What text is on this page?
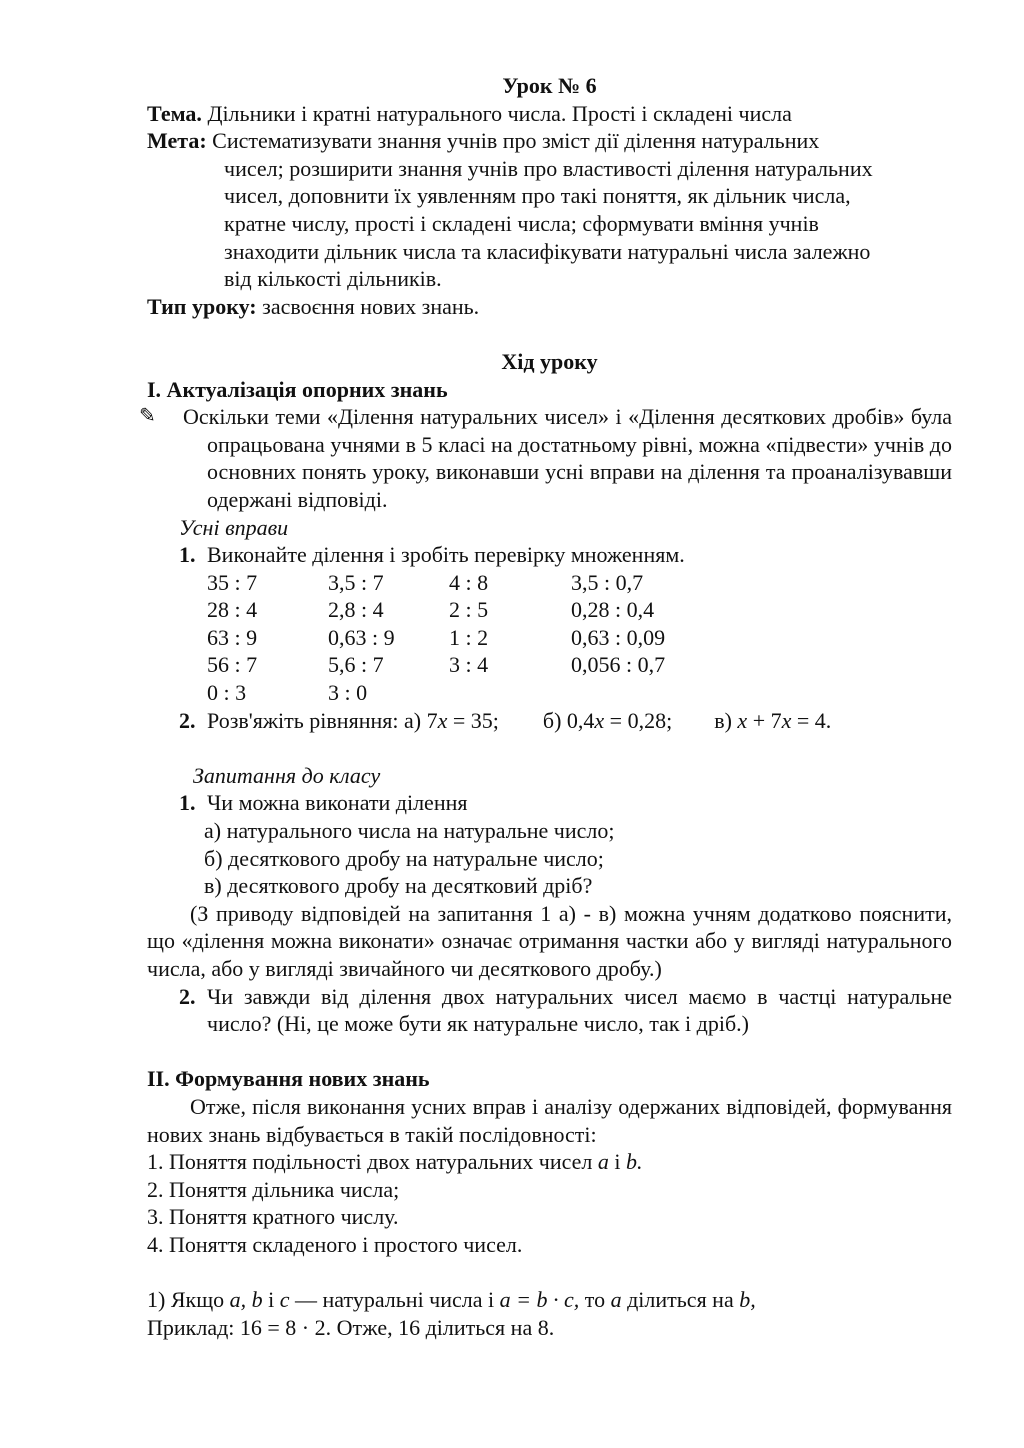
Урок № 6
Тема. Дільники і кратні натурального числа. Прості і складені числа
Мета: Систематизувати знання учнів про зміст дії ділення натуральних
чисел; розширити знання учнів про властивості ділення натуральних
чисел, доповнити їх уявленням про такі поняття, як дільник числа,
кратне числу, прості і складені числа; сформувати вміння учнів
знаходити дільник числа та класифікувати натуральні числа залежно
від кількості дільників.
Тип уроку: засвоєння нових знань.
Хід уроку
I. Актуалізація опорних знань
✎ Оскільки теми «Ділення натуральних чисел» і «Ділення десяткових дробів» була опрацьована учнями в 5 класі на достатньому рівні, можна «підвести» учнів до основних понять уроку, виконавши усні вправи на ділення та проаналізувавши одержані відповіді.
Усні вправи
1. Виконайте ділення і зробіть перевірку множенням.
35 : 7	3,5 : 7	4 : 8	3,5 : 0,7
28 : 4	2,8 : 4	2 : 5	0,28 : 0,4
63 : 9	0,63 : 9	1 : 2	0,63 : 0,09
56 : 7	5,6 : 7	3 : 4	0,056 : 0,7
0 : 3	3 : 0		
2. Розв'яжіть рівняння: а) 7x = 35; б) 0,4x = 0,28; в) x + 7x = 4.
Запитання до класу
1. Чи можна виконати ділення
а) натурального числа на натуральне число;
б) десяткового дробу на натуральне число;
в) десяткового дробу на десятковий дріб?
(З приводу відповідей на запитання 1 а) - в) можна учням додатково пояснити, що «ділення можна виконати» означає отримання частки або у вигляді натурального числа, або у вигляді звичайного чи десяткового дробу.)
2. Чи завжди від ділення двох натуральних чисел маємо в частці натуральне число? (Ні, це може бути як натуральне число, так і дріб.)
II. Формування нових знань
Отже, після виконання усних вправ і аналізу одержаних відповідей, формування нових знань відбувається в такій послідовності:
1. Поняття подільності двох натуральних чисел a і b.
2. Поняття дільника числа;
3. Поняття кратного числу.
4. Поняття складеного і простого чисел.
1) Якщо a, b і c — натуральні числа і a = b · c, то a ділиться на b,
Приклад: 16 = 8 · 2. Отже, 16 ділиться на 8.
